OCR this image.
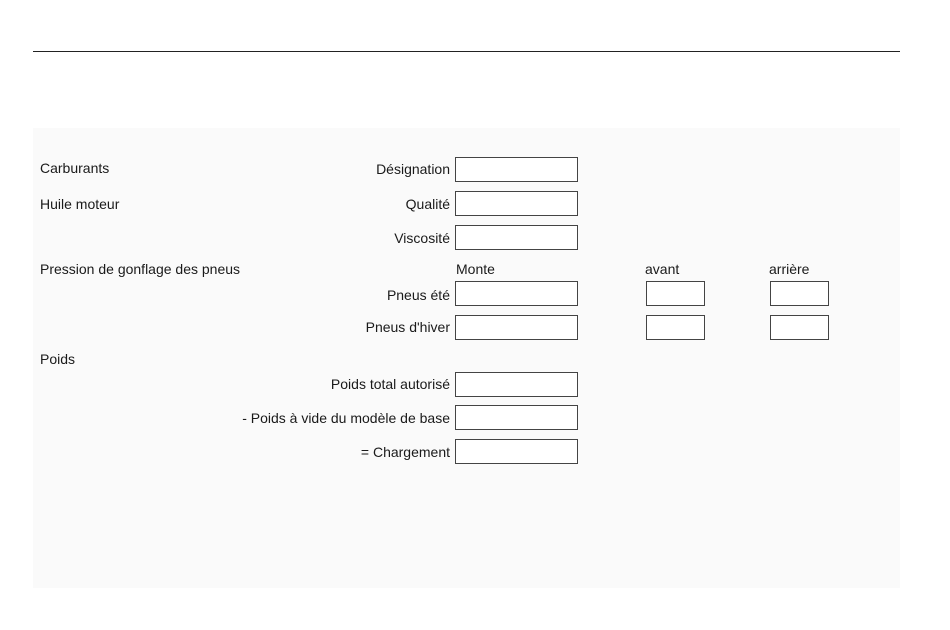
Carburants
Huile moteur
Pression de gonflage des pneus
Poids
Désignation
Qualité
Viscosité
Monte	avant	arrière
Pneus été
Pneus d'hiver
Poids total autorisé
- Poids à vide du modèle de base
= Chargement
